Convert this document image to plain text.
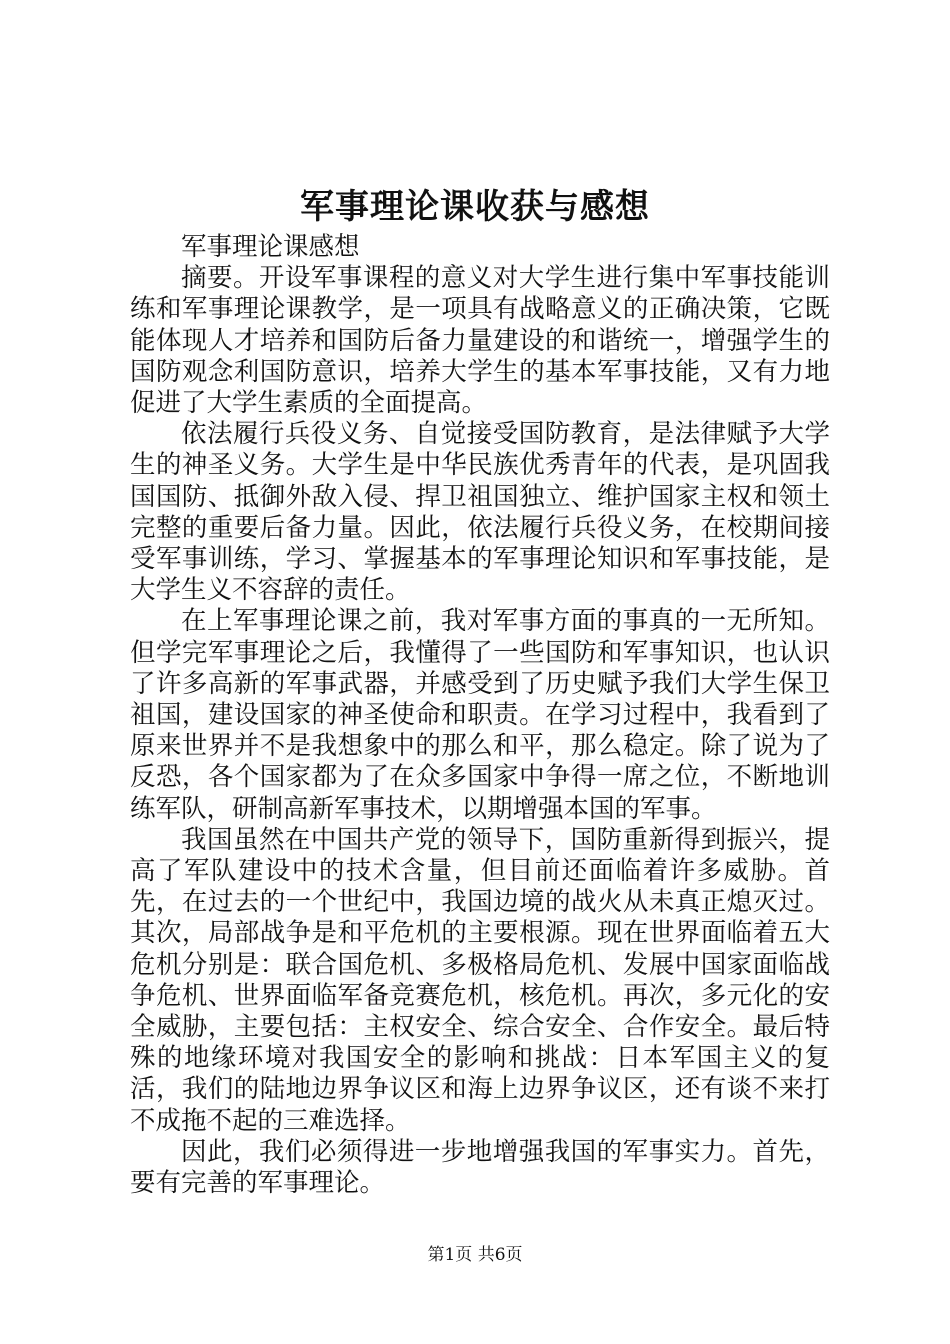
军事理论课收获与感想

军事理论课感想

摘要。开设军事课程的意义对大学生进行集中军事技能训练和军事理论课教学，是一项具有战略意义的正确决策，它既能体现人才培养和国防后备力量建设的和谐统一，增强学生的国防观念利国防意识，培养大学生的基本军事技能，又有力地促进了大学生素质的全面提高。

依法履行兵役义务、自觉接受国防教育，是法律赋予大学生的神圣义务。大学生是中华民族优秀青年的代表，是巩固我国国防、抵御外敌入侵、捍卫祖国独立、维护国家主权和领土完整的重要后备力量。因此，依法履行兵役义务，在校期间接受军事训练，学习、掌握基本的军事理论知识和军事技能，是大学生义不容辞的责任。

在上军事理论课之前，我对军事方面的事真的一无所知。但学完军事理论之后，我懂得了一些国防和军事知识，也认识了许多高新的军事武器，并感受到了历史赋予我们大学生保卫祖国，建设国家的神圣使命和职责。在学习过程中，我看到了原来世界并不是我想象中的那么和平，那么稳定。除了说为了反恐，各个国家都为了在众多国家中争得一席之位，不断地训练军队，研制高新军事技术，以期增强本国的军事。

我国虽然在中国共产党的领导下，国防重新得到振兴，提高了军队建设中的技术含量，但目前还面临着许多威胁。首先，在过去的一个世纪中，我国边境的战火从未真正熄灭过。其次，局部战争是和平危机的主要根源。现在世界面临着五大危机分别是：联合国危机、多极格局危机、发展中国家面临战争危机、世界面临军备竞赛危机，核危机。再次，多元化的安全威胁，主要包括：主权安全、综合安全、合作安全。最后特殊的地缘环境对我国安全的影响和挑战：日本军国主义的复活，我们的陆地边界争议区和海上边界争议区，还有谈不来打不成拖不起的三难选择。

因此，我们必须得进一步地增强我国的军事实力。首先，要有完善的军事理论。

第1页 共6页
